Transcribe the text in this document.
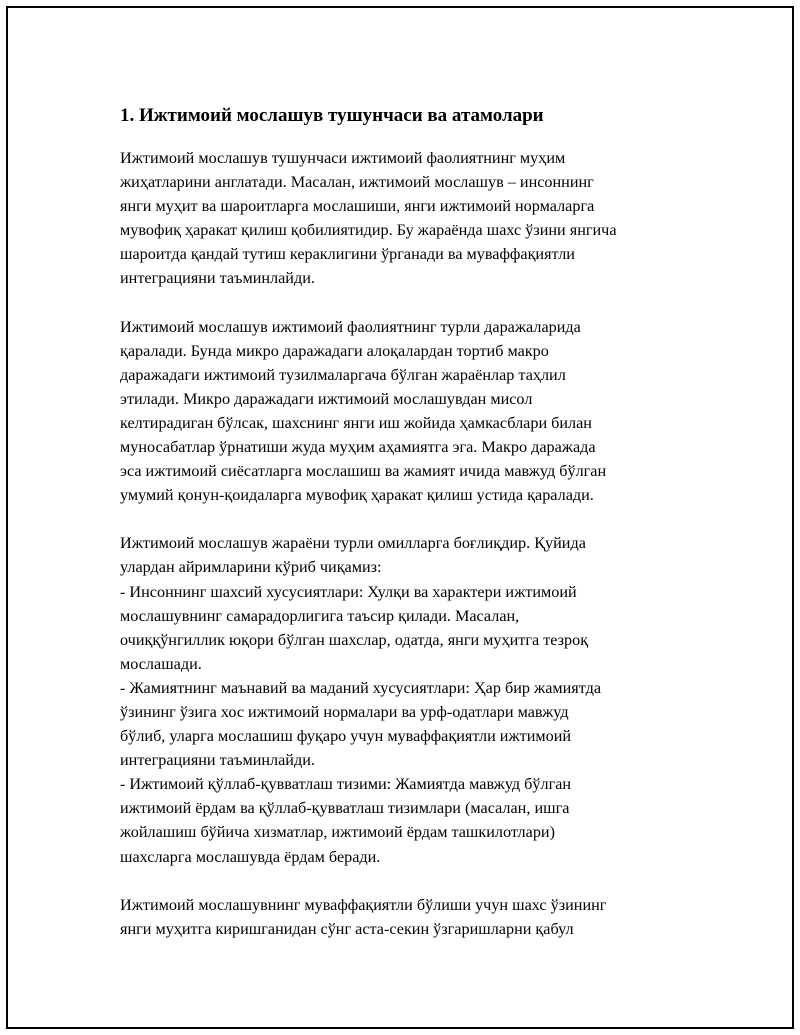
1. Ижтимоий мослашув тушунчаси ва атамолари

Ижтимоий мослашув тушунчаси ижтимоий фаолиятнинг муҳим
жиҳатларини англатади. Масалан, ижтимоий мослашув – инсоннинг
янги муҳит ва шароитларга мослашиши, янги ижтимоий нормаларга
мувофиқ ҳаракат қилиш қобилиятидир. Бу жараёнда шахс ўзини янгича
шароитда қандай тутиш кераклигини ўрганади ва муваффақиятли
интеграцияни таъминлайди.

Ижтимоий мослашув ижтимоий фаолиятнинг турли даражаларида
қаралади. Бунда микро даражадаги алоқалардан тортиб макро
даражадаги ижтимоий тузилмаларгача бўлган жараёнлар таҳлил
этилади. Микро даражадаги ижтимоий мослашувдан мисол
келтирадиган бўлсак, шахснинг янги иш жойида ҳамкасблари билан
муносабатлар ўрнатиши жуда муҳим аҳамиятга эга. Макро даражада
эса ижтимоий сиёсатларга мослашиш ва жамият ичида мавжуд бўлган
умумий қонун-қоидаларга мувофиқ ҳаракат қилиш устида қаралади.

Ижтимоий мослашув жараёни турли омилларга боғлиқдир. Қуйида
улардан айримларини кўриб чиқамиз:
- Инсоннинг шахсий хусусиятлари: Хулқи ва характери ижтимоий
мослашувнинг самарадорлигига таъсир қилади. Масалан,
очиққўнгиллик юқори бўлган шахслар, одатда, янги муҳитга тезроқ
мослашади.
- Жамиятнинг маънавий ва маданий хусусиятлари: Ҳар бир жамиятда
ўзининг ўзига хос ижтимоий нормалари ва урф-одатлари мавжуд
бўлиб, уларга мослашиш фуқаро учун муваффақиятли ижтимоий
интеграцияни таъминлайди.
- Ижтимоий қўллаб-қувватлаш тизими: Жамиятда мавжуд бўлган
ижтимоий ёрдам ва қўллаб-қувватлаш тизимлари (масалан, ишга
жойлашиш бўйича хизматлар, ижтимоий ёрдам ташкилотлари)
шахсларга мослашувда ёрдам беради.

Ижтимоий мослашувнинг муваффақиятли бўлиши учун шахс ўзининг
янги муҳитга киришганидан сўнг аста-секин ўзгаришларни қабул
